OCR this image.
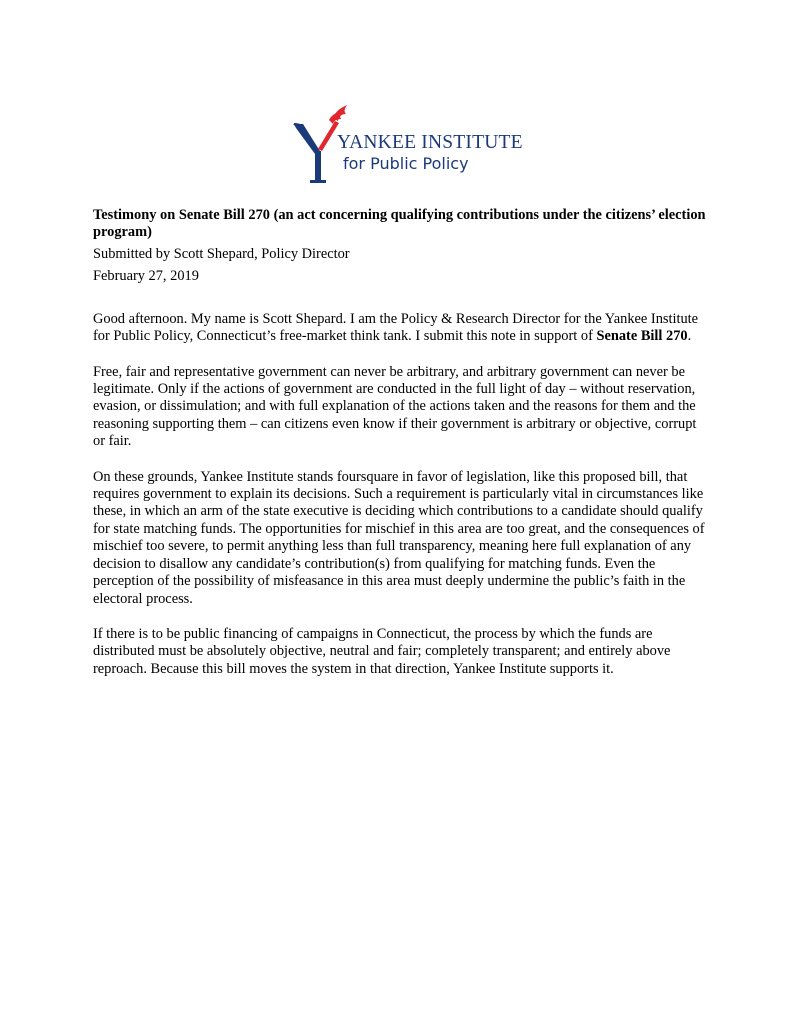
YANKEE INSTITUTE
for Public Policy

Testimony on Senate Bill 270 (an act concerning qualifying contributions under the citizens’ election program)

Submitted by Scott Shepard, Policy Director

February 27, 2019

Good afternoon. My name is Scott Shepard. I am the Policy & Research Director for the Yankee Institute for Public Policy, Connecticut’s free-market think tank. I submit this note in support of Senate Bill 270.

Free, fair and representative government can never be arbitrary, and arbitrary government can never be legitimate. Only if the actions of government are conducted in the full light of day – without reservation, evasion, or dissimulation; and with full explanation of the actions taken and the reasons for them and the reasoning supporting them – can citizens even know if their government is arbitrary or objective, corrupt or fair.

On these grounds, Yankee Institute stands foursquare in favor of legislation, like this proposed bill, that requires government to explain its decisions. Such a requirement is particularly vital in circumstances like these, in which an arm of the state executive is deciding which contributions to a candidate should qualify for state matching funds. The opportunities for mischief in this area are too great, and the consequences of mischief too severe, to permit anything less than full transparency, meaning here full explanation of any decision to disallow any candidate’s contribution(s) from qualifying for matching funds. Even the perception of the possibility of misfeasance in this area must deeply undermine the public’s faith in the electoral process.

If there is to be public financing of campaigns in Connecticut, the process by which the funds are distributed must be absolutely objective, neutral and fair; completely transparent; and entirely above reproach. Because this bill moves the system in that direction, Yankee Institute supports it.
